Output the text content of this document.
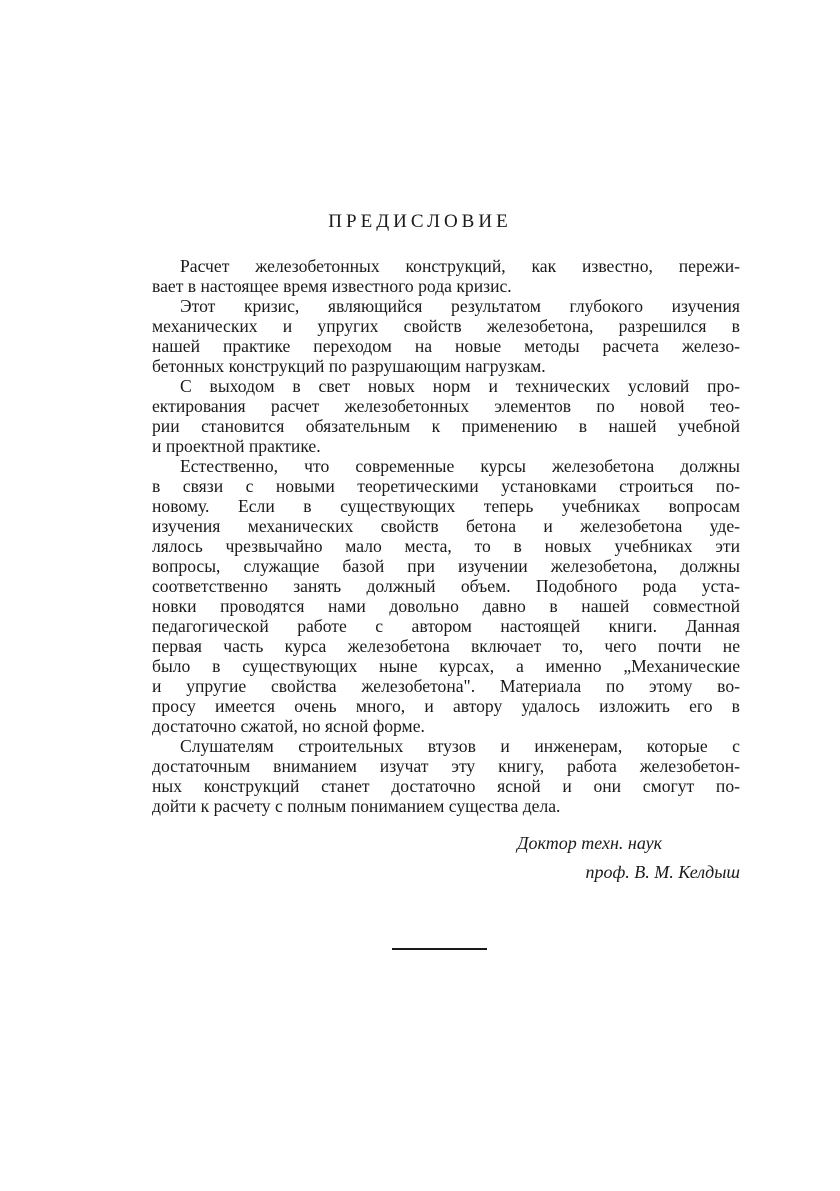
ПРЕДИСЛОВИЕ
Расчет железобетонных конструкций, как известно, пережи-
вает в настоящее время известного рода кризис.
Этот кризис, являющийся результатом глубокого изучения
механических и упругих свойств железобетона, разрешился в
нашей практике переходом на новые методы расчета железо-
бетонных конструкций по разрушающим нагрузкам.
С выходом в свет новых норм и технических условий про-
ектирования расчет железобетонных элементов по новой тео-
рии становится обязательным к применению в нашей учебной
и проектной практике.
Естественно, что современные курсы железобетона должны
в связи с новыми теоретическими установками строиться по-
новому. Если в существующих теперь учебниках вопросам
изучения механических свойств бетона и железобетона уде-
лялось чрезвычайно мало места, то в новых учебниках эти
вопросы, служащие базой при изучении железобетона, должны
соответственно занять должный объем. Подобного рода уста-
новки проводятся нами довольно давно в нашей совместной
педагогической работе с автором настоящей книги. Данная
первая часть курса железобетона включает то, чего почти не
было в существующих ныне курсах, а именно „Механические
и упругие свойства железобетона". Материала по этому во-
просу имеется очень много, и автору удалось изложить его в
достаточно сжатой, но ясной форме.
Слушателям строительных втузов и инженерам, которые с
достаточным вниманием изучат эту книгу, работа железобетон-
ных конструкций станет достаточно ясной и они смогут по-
дойти к расчету с полным пониманием существа дела.
Доктор техн. наук
проф. В. М. Келдыш
